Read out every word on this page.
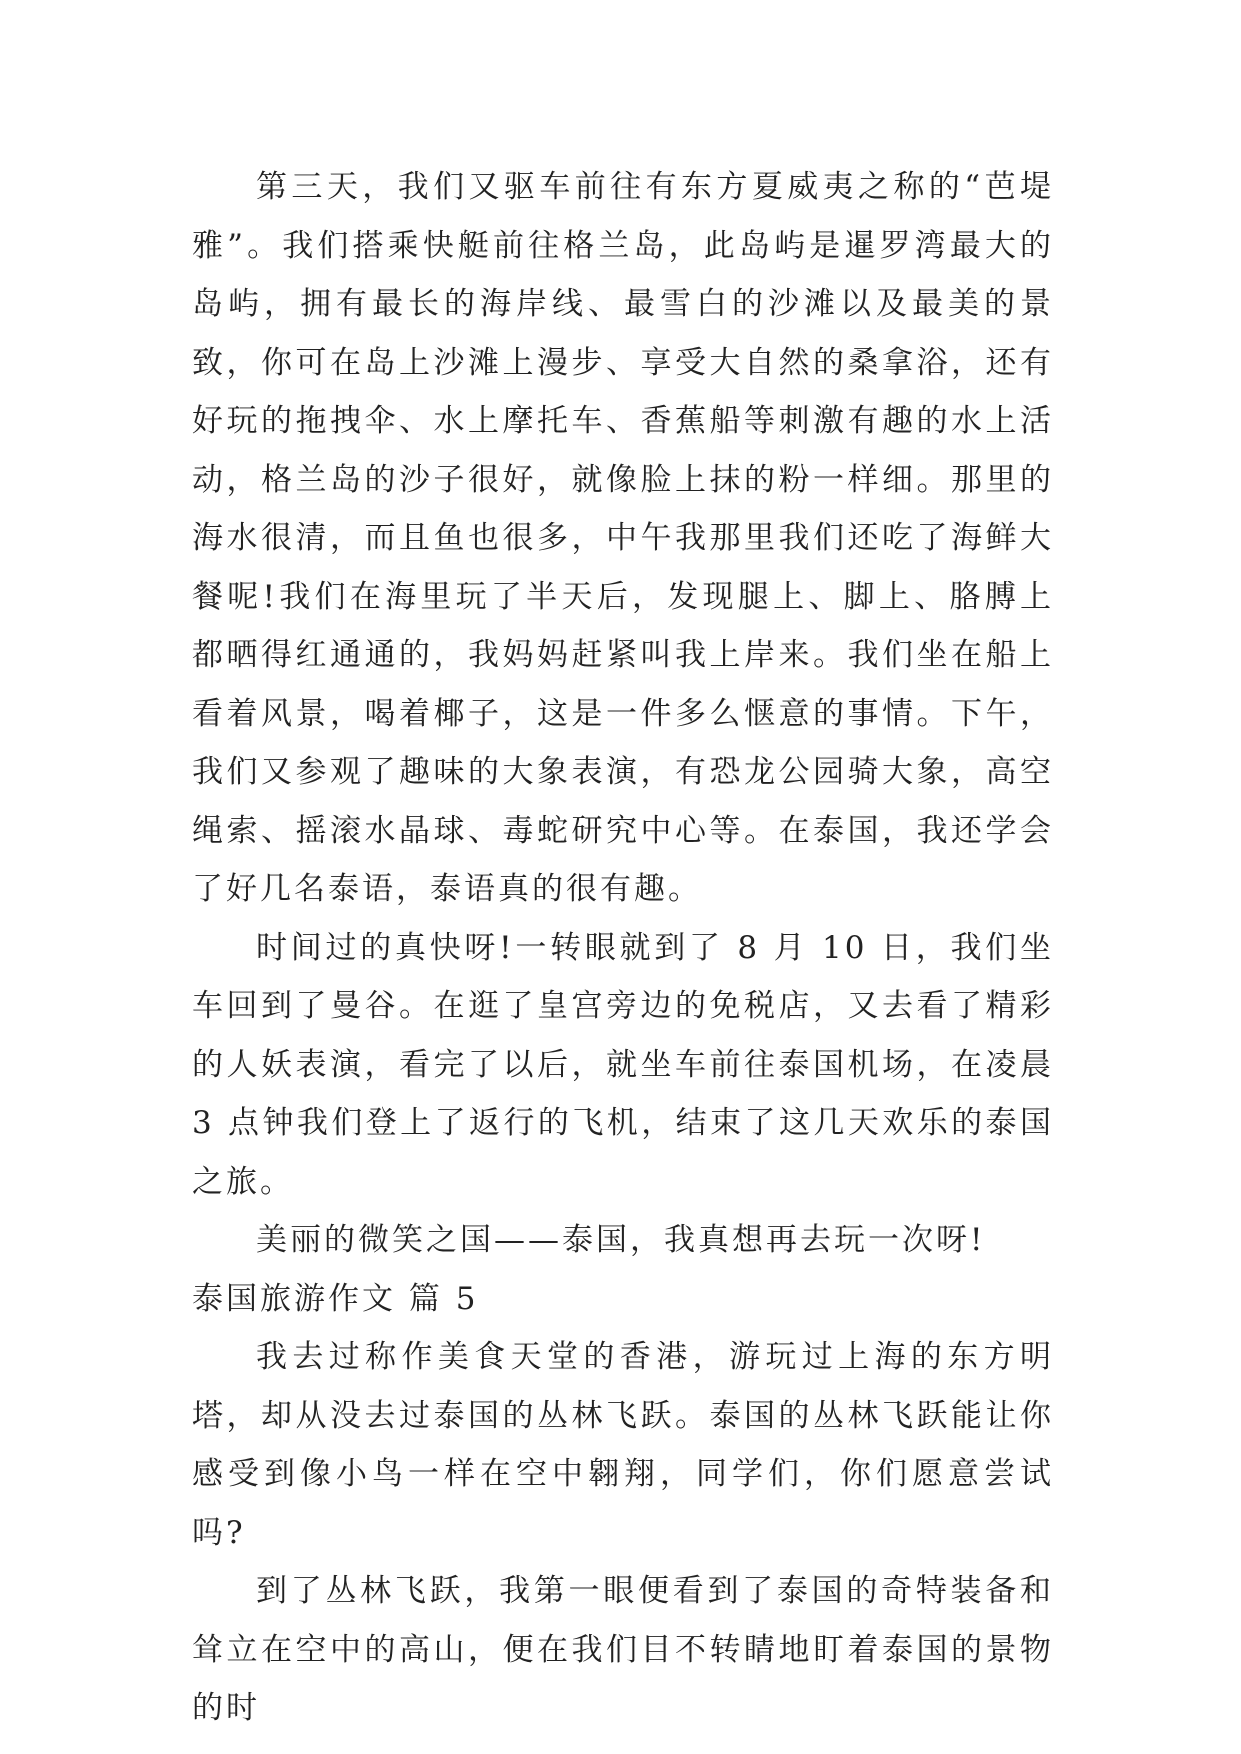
第三天，我们又驱车前往有东方夏威夷之称的“芭堤雅”。我们搭乘快艇前往格兰岛，此岛屿是暹罗湾最大的岛屿，拥有最长的海岸线、最雪白的沙滩以及最美的景致，你可在岛上沙滩上漫步、享受大自然的桑拿浴，还有好玩的拖拽伞、水上摩托车、香蕉船等刺激有趣的水上活动，格兰岛的沙子很好，就像脸上抹的粉一样细。那里的海水很清，而且鱼也很多，中午我那里我们还吃了海鲜大餐呢!我们在海里玩了半天后，发现腿上、脚上、胳膊上都晒得红通通的，我妈妈赶紧叫我上岸来。我们坐在船上看着风景，喝着椰子，这是一件多么惬意的事情。下午，我们又参观了趣味的大象表演，有恐龙公园骑大象，高空绳索、摇滚水晶球、毒蛇研究中心等。在泰国，我还学会了好几名泰语，泰语真的很有趣。

时间过的真快呀!一转眼就到了 8 月 10 日，我们坐车回到了曼谷。在逛了皇宫旁边的免税店，又去看了精彩的人妖表演，看完了以后，就坐车前往泰国机场，在凌晨 3 点钟我们登上了返行的飞机，结束了这几天欢乐的泰国之旅。

美丽的微笑之国——泰国，我真想再去玩一次呀!

泰国旅游作文 篇 5

我去过称作美食天堂的香港，游玩过上海的东方明塔，却从没去过泰国的丛林飞跃。泰国的丛林飞跃能让你感受到像小鸟一样在空中翱翔，同学们，你们愿意尝试吗?

到了丛林飞跃，我第一眼便看到了泰国的奇特装备和耸立在空中的高山，便在我们目不转睛地盯着泰国的景物的时
